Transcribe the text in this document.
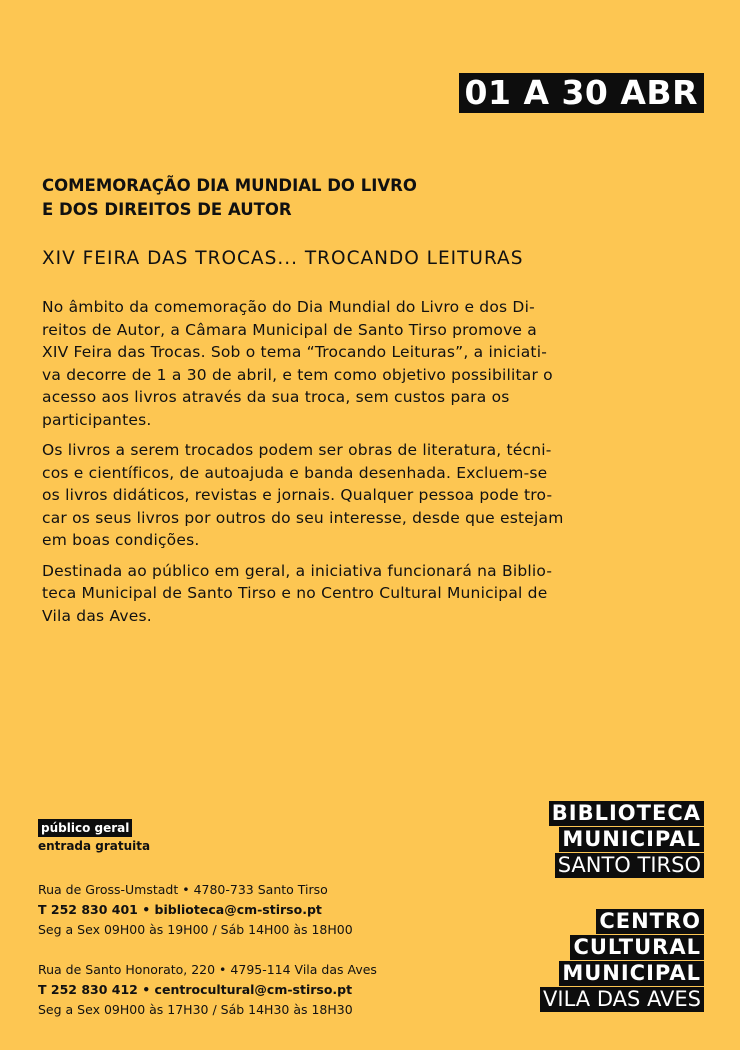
01 A 30 ABR
COMEMORAÇÃO DIA MUNDIAL DO LIVRO
E DOS DIREITOS DE AUTOR
XIV FEIRA DAS TROCAS... TROCANDO LEITURAS

No âmbito da comemoração do Dia Mundial do Livro e dos Di-
reitos de Autor, a Câmara Municipal de Santo Tirso promove a
XIV Feira das Trocas. Sob o tema “Trocando Leituras”, a iniciati-
va decorre de 1 a 30 de abril, e tem como objetivo possibilitar o
acesso aos livros através da sua troca, sem custos para os
participantes.

Os livros a serem trocados podem ser obras de literatura, técni-
cos e científicos, de autoajuda e banda desenhada. Excluem-se
os livros didáticos, revistas e jornais. Qualquer pessoa pode tro-
car os seus livros por outros do seu interesse, desde que estejam
em boas condições.

Destinada ao público em geral, a iniciativa funcionará na Biblio-
teca Municipal de Santo Tirso e no Centro Cultural Municipal de
Vila das Aves.

público geral
entrada gratuita
Rua de Gross-Umstadt • 4780-733 Santo Tirso
T 252 830 401 • biblioteca@cm-stirso.pt
Seg a Sex 09H00 às 19H00 / Sáb 14H00 às 18H00
Rua de Santo Honorato, 220 • 4795-114 Vila das Aves
T 252 830 412 • centrocultural@cm-stirso.pt
Seg a Sex 09H00 às 17H30 / Sáb 14H30 às 18H30
BIBLIOTECA
MUNICIPAL
SANTO TIRSO
CENTRO
CULTURAL
MUNICIPAL
VILA DAS AVES
